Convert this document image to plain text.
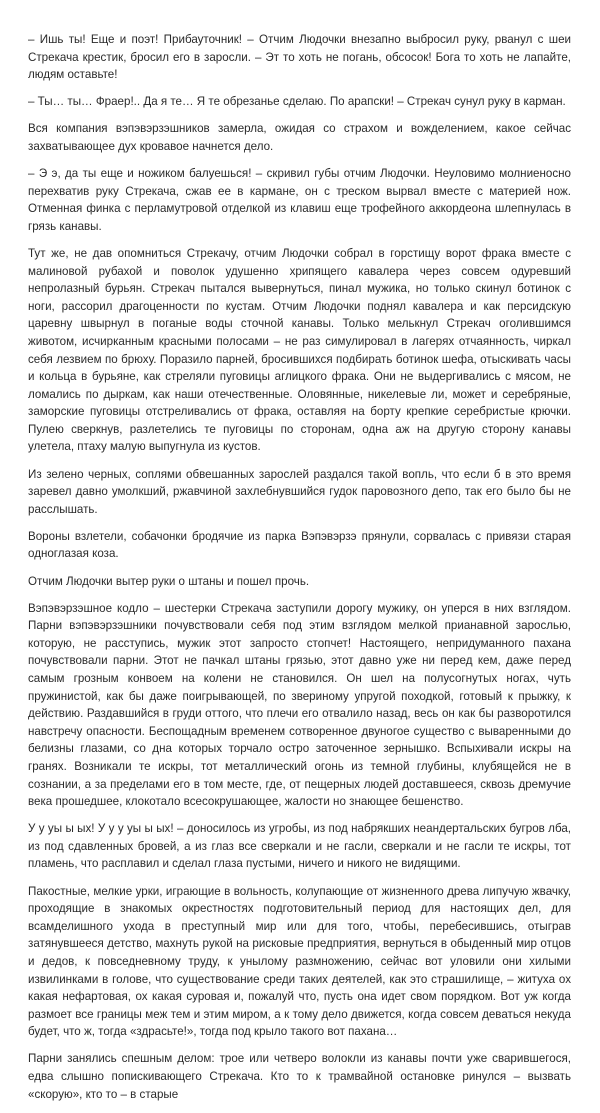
– Ишь ты! Еще и поэт! Прибауточник! – Отчим Людочки внезапно выбросил руку, рванул с шеи Стрекача крестик, бросил его в заросли. – Эт то хоть не погань, обсосок! Бога то хоть не лапайте, людям оставьте!

– Ты… ты… Фраер!.. Да я те… Я те обрезанье сделаю. По арапски! – Стрекач сунул руку в карман.

Вся компания вэпэвэрзэшников замерла, ожидая со страхом и вожделением, какое сейчас захватывающее дух кровавое начнется дело.

– Э э, да ты еще и ножиком балуешься! – скривил губы отчим Людочки. Неуловимо молниеносно перехватив руку Стрекача, сжав ее в кармане, он с треском вырвал вместе с материей нож. Отменная финка с перламутровой отделкой из клавиш еще трофейного аккордеона шлепнулась в грязь канавы.

Тут же, не дав опомниться Стрекачу, отчим Людочки собрал в горстищу ворот фрака вместе с малиновой рубахой и поволок удушенно хрипящего кавалера через совсем одуревший непролазный бурьян. Стрекач пытался вывернуться, пинал мужика, но только скинул ботинок с ноги, рассорил драгоценности по кустам. Отчим Людочки поднял кавалера и как персидскую царевну швырнул в поганые воды сточной канавы. Только мелькнул Стрекач оголившимся животом, исчирканным красными полосами – не раз симулировал в лагерях отчаянность, чиркал себя лезвием по брюху. Поразило парней, бросившихся подбирать ботинок шефа, отыскивать часы и кольца в бурьяне, как стреляли пуговицы аглицкого фрака. Они не выдергивались с мясом, не ломались по дыркам, как наши отечественные. Оловянные, никелевые ли, может и серебряные, заморские пуговицы отстреливались от фрака, оставляя на борту крепкие серебристые крючки. Пулею сверкнув, разлетелись те пуговицы по сторонам, одна аж на другую сторону канавы улетела, птаху малую выпугнула из кустов.

Из зелено черных, соплями обвешанных зарослей раздался такой вопль, что если б в это время заревел давно умолкший, ржавчиной захлебнувшийся гудок паровозного депо, так его было бы не расслышать.

Вороны взлетели, собачонки бродячие из парка Вэпэвэрзэ прянули, сорвалась с привязи старая одноглазая коза.

Отчим Людочки вытер руки о штаны и пошел прочь.

Вэпэвэрзэшное кодло – шестерки Стрекача заступили дорогу мужику, он уперся в них взглядом. Парни вэпэвэрзэшники почувствовали себя под этим взглядом мелкой прианавной зарослью, которую, не расступись, мужик этот запросто стопчет! Настоящего, непридуманного пахана почувствовали парни. Этот не пачкал штаны грязью, этот давно уже ни перед кем, даже перед самым грозным конвоем на колени не становился. Он шел на полусогнутых ногах, чуть пружинистой, как бы даже поигрывающей, по звериному упругой походкой, готовый к прыжку, к действию. Раздавшийся в груди оттого, что плечи его отвалило назад, весь он как бы разворотился навстречу опасности. Беспощадным временем сотворенное двуногое существо с вываренными до белизны глазами, со дна которых торчало остро заточенное зернышко. Вспыхивали искры на гранях. Возникали те искры, тот металлический огонь из темной глубины, клубящейся не в сознании, а за пределами его в том месте, где, от пещерных людей доставшееся, сквозь дремучие века прошедшее, клокотало всесокрушающее, жалости но знающее бешенство.

У у уы ы ых! У у у уы ы ых! – доносилось из угробы, из под набрякших неандертальских бугров лба, из под сдавленных бровей, а из глаз все сверкали и не гасли, сверкали и не гасли те искры, тот пламень, что расплавил и сделал глаза пустыми, ничего и никого не видящими.

Пакостные, мелкие урки, играющие в вольность, колупающие от жизненного древа липучую жвачку, проходящие в знакомых окрестностях подготовительный период для настоящих дел, для всамделишного ухода в преступный мир или для того, чтобы, перебесившись, отыграв затянувшееся детство, махнуть рукой на рисковые предприятия, вернуться в обыденный мир отцов и дедов, к повседневному труду, к унылому размножению, сейчас вот уловили они хилыми извилинками в голове, что существование среди таких деятелей, как это страшилище, – житуха ох какая нефартовая, ох какая суровая и, пожалуй что, пусть она идет свом порядком. Вот уж когда размоет все границы меж тем и этим миром, а к тому дело движется, когда совсем деваться некуда будет, что ж, тогда «здрасьте!», тогда под крыло такого вот пахана…

Парни занялись спешным делом: трое или четверо волокли из канавы почти уже сварившегося, едва слышно попискивающего Стрекача. Кто то к трамвайной остановке ринулся – вызвать «скорую», кто то – в старые
